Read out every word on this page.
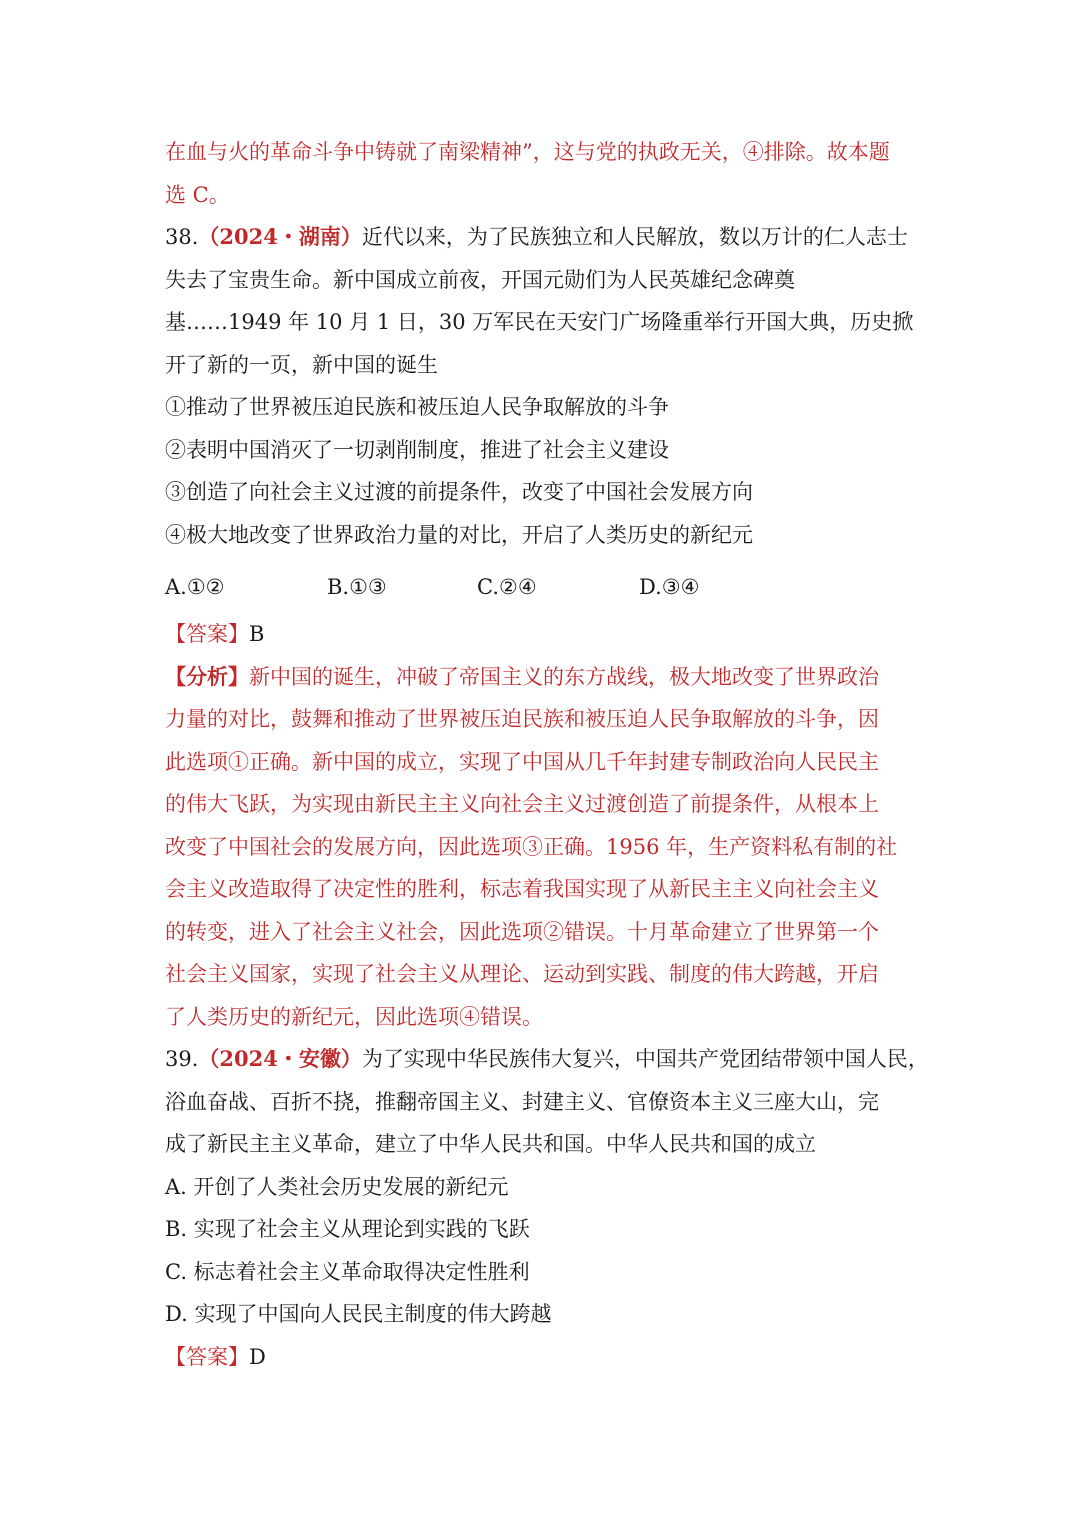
在血与火的革命斗争中铸就了南梁精神”，这与党的执政无关，④排除。故本题
选 C。
38.（2024・湖南）近代以来，为了民族独立和人民解放，数以万计的仁人志士
失去了宝贵生命。新中国成立前夜，开国元勋们为人民英雄纪念碑奠
基……1949 年 10 月 1 日，30 万军民在天安门广场隆重举行开国大典，历史掀
开了新的一页，新中国的诞生
①推动了世界被压迫民族和被压迫人民争取解放的斗争
②表明中国消灭了一切剥削制度，推进了社会主义建设
③创造了向社会主义过渡的前提条件，改变了中国社会发展方向
④极大地改变了世界政治力量的对比，开启了人类历史的新纪元
A.①②	B.①③	C.②④	D.③④
【答案】B
【分析】新中国的诞生，冲破了帝国主义的东方战线，极大地改变了世界政治
力量的对比，鼓舞和推动了世界被压迫民族和被压迫人民争取解放的斗争，因
此选项①正确。新中国的成立，实现了中国从几千年封建专制政治向人民民主
的伟大飞跃，为实现由新民主主义向社会主义过渡创造了前提条件，从根本上
改变了中国社会的发展方向，因此选项③正确。1956 年，生产资料私有制的社
会主义改造取得了决定性的胜利，标志着我国实现了从新民主主义向社会主义
的转变，进入了社会主义社会，因此选项②错误。十月革命建立了世界第一个
社会主义国家，实现了社会主义从理论、运动到实践、制度的伟大跨越，开启
了人类历史的新纪元，因此选项④错误。
39.（2024・安徽）为了实现中华民族伟大复兴，中国共产党团结带领中国人民，
浴血奋战、百折不挠，推翻帝国主义、封建主义、官僚资本主义三座大山，完
成了新民主主义革命，建立了中华人民共和国。中华人民共和国的成立
A. 开创了人类社会历史发展的新纪元
B. 实现了社会主义从理论到实践的飞跃
C. 标志着社会主义革命取得决定性胜利
D. 实现了中国向人民民主制度的伟大跨越
【答案】D
